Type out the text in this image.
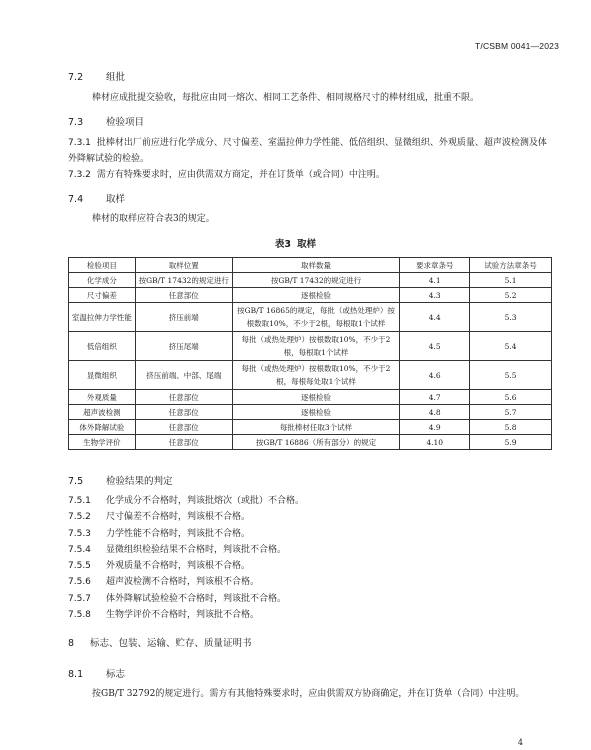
T/CSBM 0041—2023
7.2 组批
棒材应成批提交验收，每批应由同一熔次、相同工艺条件、相同规格尺寸的棒材组成，批重不限。
7.3 检验项目
7.3.1 批棒材出厂前应进行化学成分、尺寸偏差、室温拉伸力学性能、低倍组织、显微组织、外观质量、超声波检测及体外降解试验的检验。
7.3.2 需方有特殊要求时，应由供需双方商定，并在订货单（或合同）中注明。
7.4 取样
棒材的取样应符合表3的规定。
表3 取样
检验项目	取样位置	取样数量	要求章条号	试验方法章条号
化学成分	按GB/T 17432的规定进行	按GB/T 17432的规定进行	4.1	5.1
尺寸偏差	任意部位	逐根检验	4.3	5.2
室温拉伸力学性能	挤压前端	按GB/T 16865的规定，每批（或热处理炉）按根数取10%，不少于2根，每根取1个试样	4.4	5.3
低倍组织	挤压尾端	每批（或热处理炉）按根数取10%，不少于2 根，每根取1个试样	4.5	5.4
显微组织	挤压前端、中部、尾端	每批（或热处理炉）按根数取10%，不少于2 根，每根每处取1个试样	4.6	5.5
外观质量	任意部位	逐根检验	4.7	5.6
超声波检测	任意部位	逐根检验	4.8	5.7
体外降解试验	任意部位	每批棒材任取3个试样	4.9	5.8
生物学评价	任意部位	按GB/T 16886（所有部分）的规定	4.10	5.9
7.5 检验结果的判定
7.5.1 化学成分不合格时，判该批熔次（或批）不合格。
7.5.2 尺寸偏差不合格时，判该根不合格。
7.5.3 力学性能不合格时，判该批不合格。
7.5.4 显微组织检验结果不合格时，判该批不合格。
7.5.5 外观质量不合格时，判该根不合格。
7.5.6 超声波检测不合格时，判该根不合格。
7.5.7 体外降解试验检验不合格时，判该批不合格。
7.5.8 生物学评价不合格时，判该批不合格。
8 标志、包装、运输、贮存、质量证明书
8.1 标志
按GB/T 32792的规定进行。需方有其他特殊要求时，应由供需双方协商确定，并在订货单（合同）中注明。
4
